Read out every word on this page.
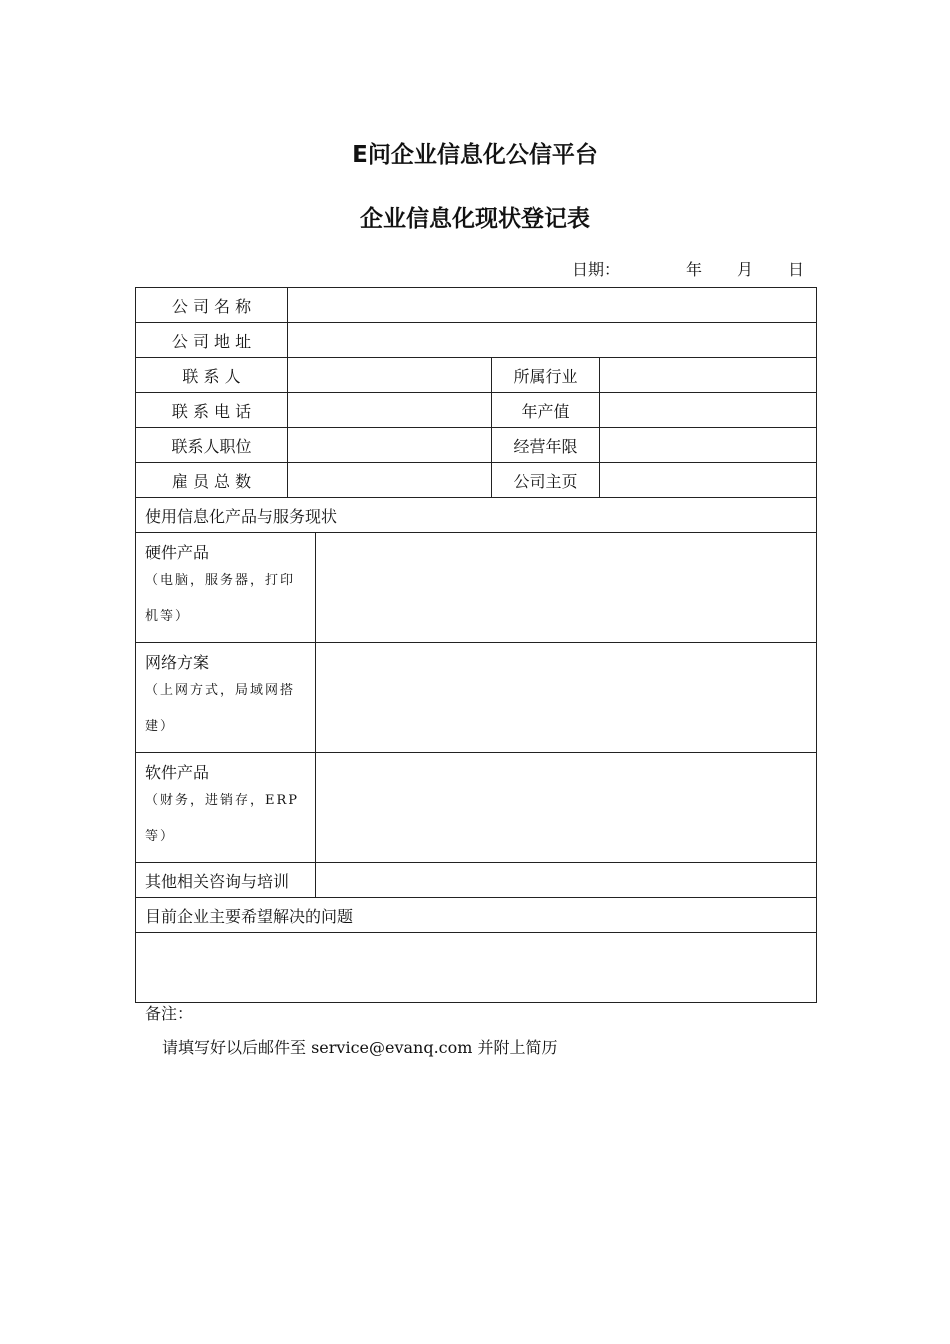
E问企业信息化公信平台
企业信息化现状登记表
日期：	年 月 日
公 司 名 称				
公 司 地 址				
联 系 人			所属行业	
联 系 电 话			年产值	
联系人职位			经营年限	
雇 员 总 数			公司主页	
使用信息化产品与服务现状				
硬件产品
（电脑，服务器，打印机等）				

网络方案
（上网方式，局域网搭建）				

软件产品
（财务，进销存，ERP等）				

其他相关咨询与培训				
目前企业主要希望解决的问题				

备注：
请填写好以后邮件至 service@evanq.com 并附上简历
